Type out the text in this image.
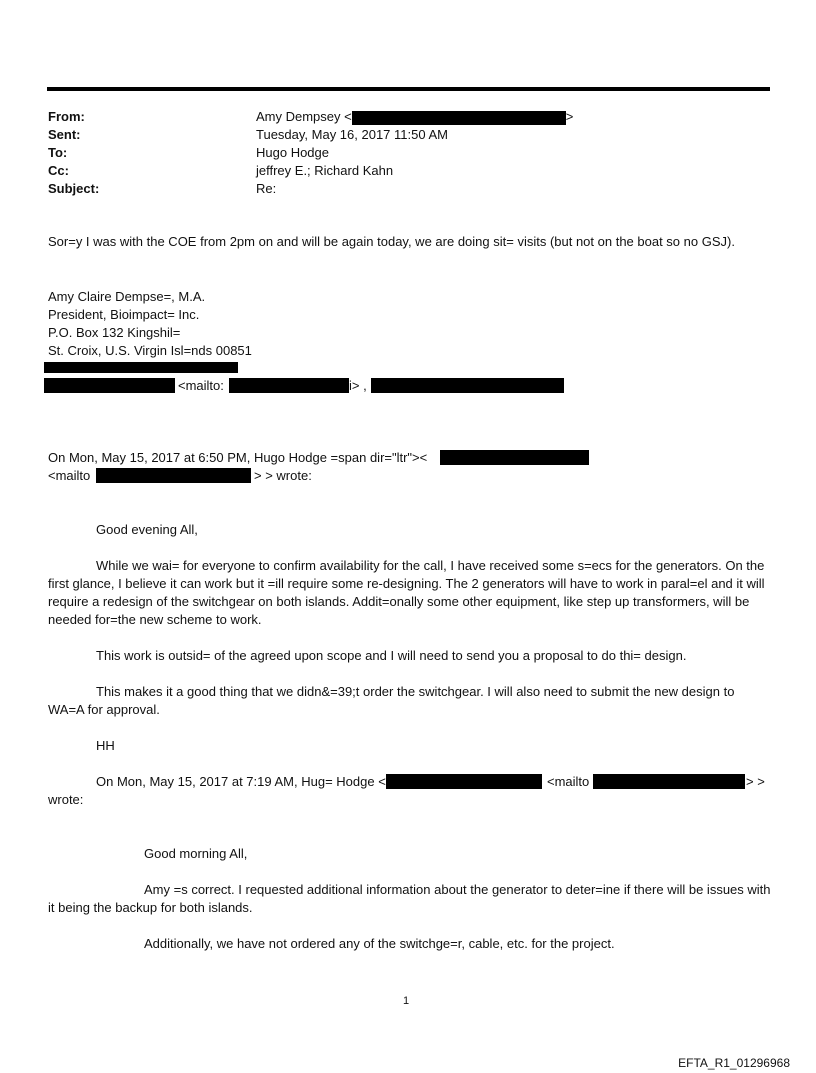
From:	Amy Dempsey <	>
Sent:	Tuesday, May 16, 2017 11:50 AM
To:	Hugo Hodge
Cc:	jeffrey E.; Richard Kahn
Subject:	Re:
Sor=y I was with the COE from 2pm on and will be again today, we are doing sit= visits (but not on the boat so no GSJ).
Amy Claire Dempse=, M.A.
President, Bioimpact= Inc.
P.O. Box 132 Kingshil=
St. Croix, U.S. Virgin Isl=nds 00851
<mailto:	i> ,
On Mon, May 15, 2017 at 6:50 PM, Hugo Hodge =span dir="ltr"><
<mailto	> > wrote:
Good evening All,
While we wai= for everyone to confirm availability for the call, I have received some s=ecs for the generators. On the first glance, I believe it can work but it =ill require some re-designing. The 2 generators will have to work in paral=el and it will require a redesign of the switchgear on both islands. Addit=onally some other equipment, like step up transformers, will be needed for=the new scheme to work.
This work is outsid= of the agreed upon scope and I will need to send you a proposal to do thi= design.
This makes it a good thing that we didn&=39;t order the switchgear. I will also need to submit the new design to WA=A for approval.
HH
On Mon, May 15, 2017 at 7:19 AM, Hug= Hodge <	<mailto	> >
wrote:
Good morning All,
Amy =s correct. I requested additional information about the generator to deter=ine if there will be issues with it being the backup for both islands.
Additionally, we have not ordered any of the switchge=r, cable, etc. for the project.
1
EFTA_R1_01296968
